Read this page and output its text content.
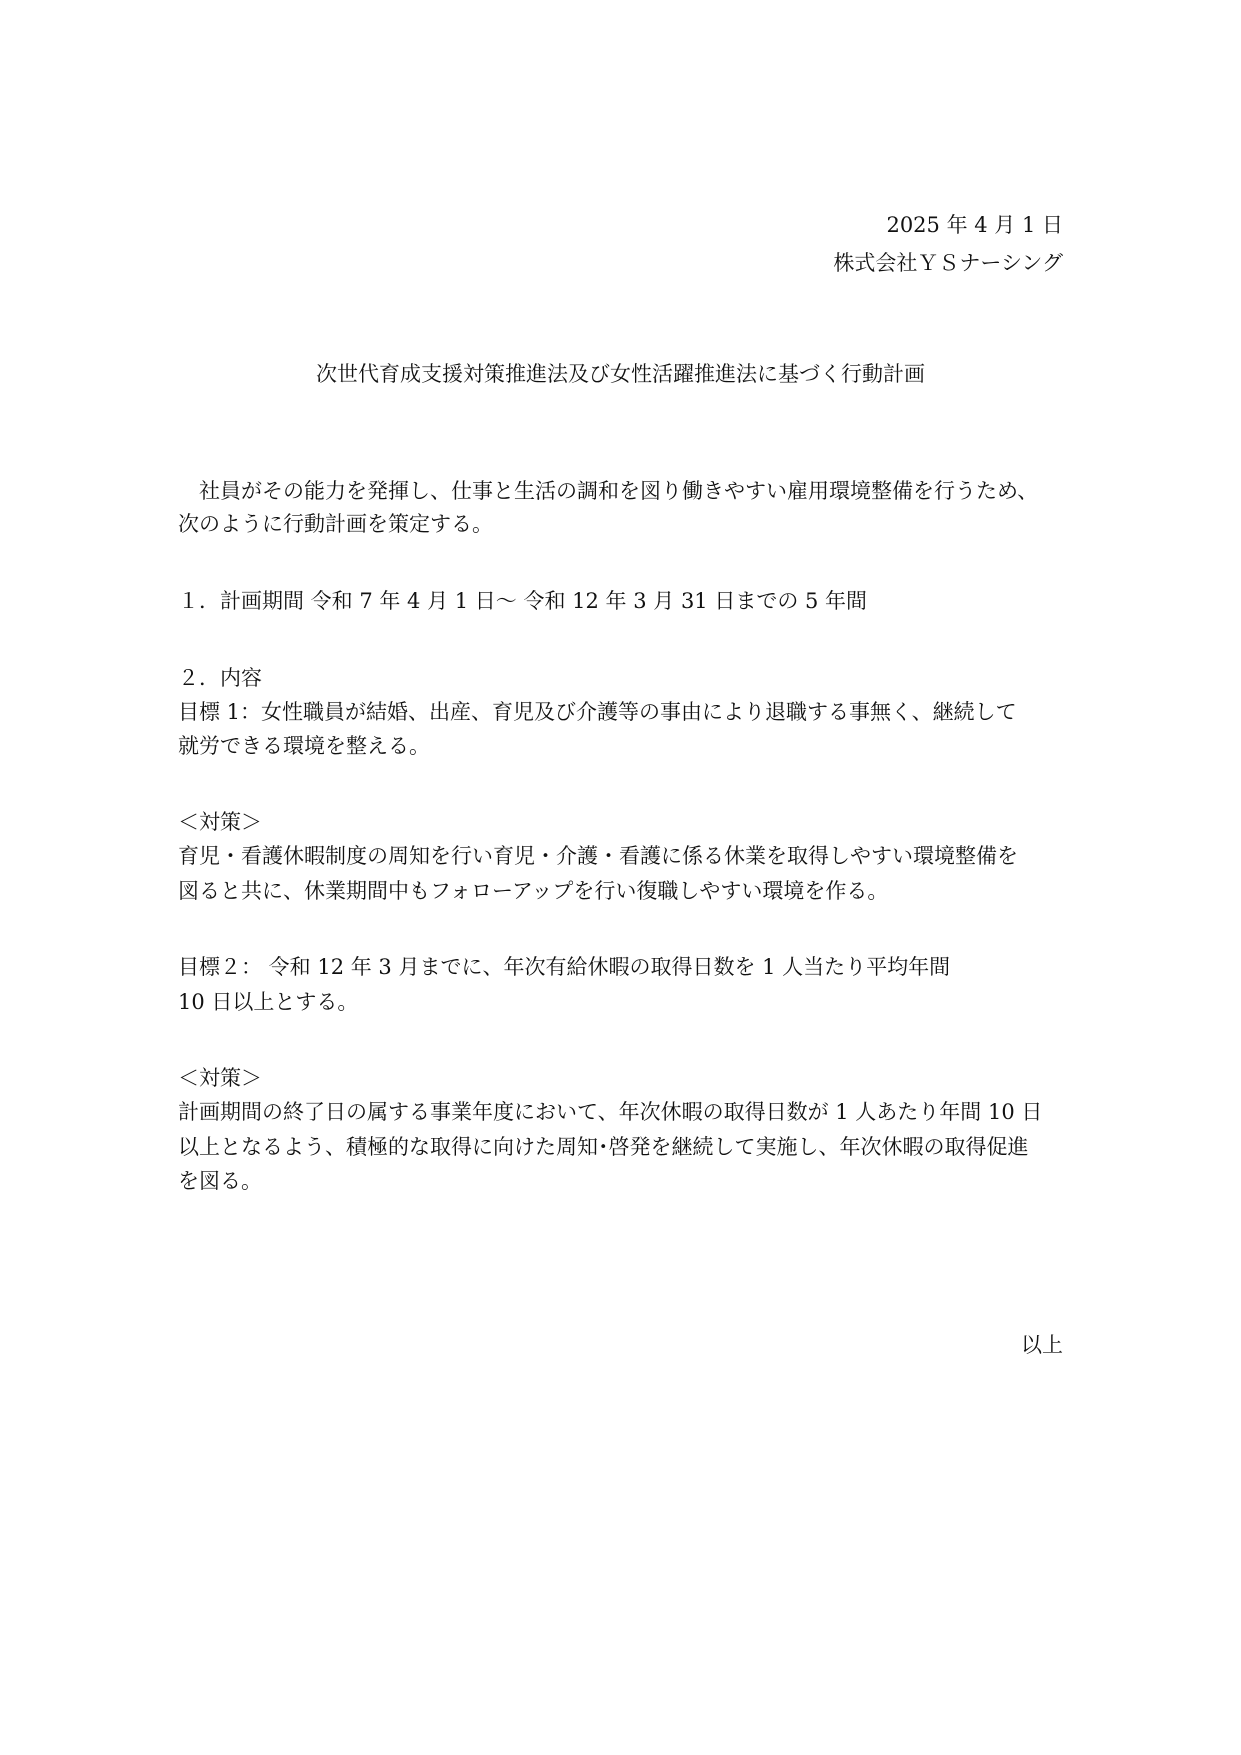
2025 年 4 月 1 日
株式会社ＹＳナーシング
次世代育成支援対策推進法及び女性活躍推進法に基づく行動計画
　社員がその能力を発揮し、仕事と生活の調和を図り働きやすい雇用環境整備を行うため、
次のように行動計画を策定する。
１．計画期間 令和 7 年 4 月 1 日～ 令和 12 年 3 月 31 日までの 5 年間
２．内容
目標 1：女性職員が結婚、出産、育児及び介護等の事由により退職する事無く、継続して
就労できる環境を整える。
＜対策＞
育児・看護休暇制度の周知を行い育児・介護・看護に係る休業を取得しやすい環境整備を
図ると共に、休業期間中もフォローアップを行い復職しやすい環境を作る。
目標２： 令和 12 年 3 月までに、年次有給休暇の取得日数を 1 人当たり平均年間
10 日以上とする。
＜対策＞
計画期間の終了日の属する事業年度において、年次休暇の取得日数が 1 人あたり年間 10 日
以上となるよう、積極的な取得に向けた周知･啓発を継続して実施し、年次休暇の取得促進
を図る。
以上
